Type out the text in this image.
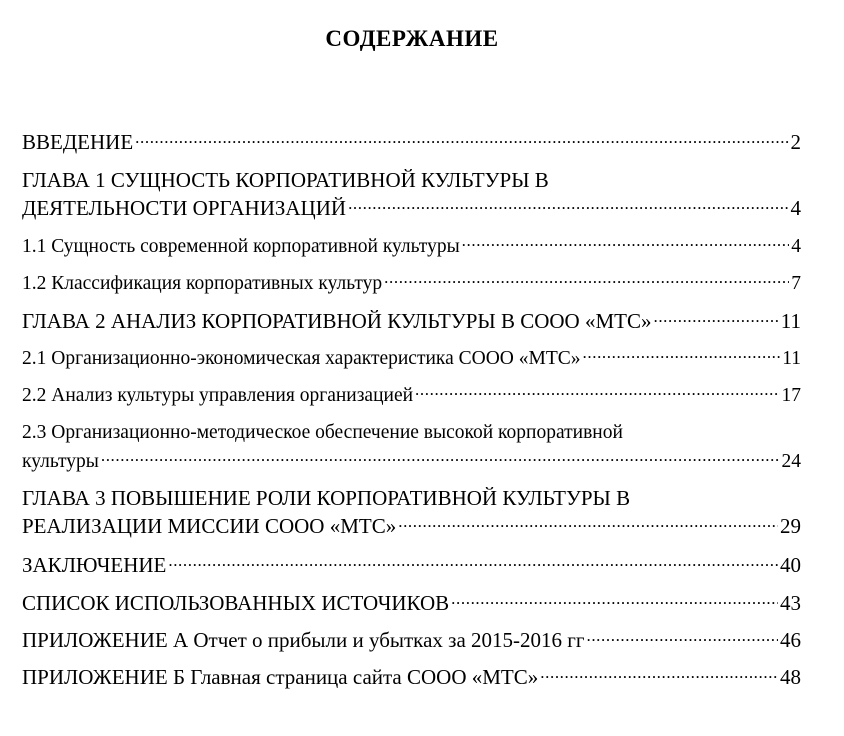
СОДЕРЖАНИЕ
ВВЕДЕНИЕ .....	2
ГЛАВА 1 СУЩНОСТЬ КОРПОРАТИВНОЙ КУЛЬТУРЫ В
ДЕЯТЕЛЬНОСТИ ОРГАНИЗАЦИЙ .....	4
1.1 Сущность современной корпоративной культуры .....	4
1.2 Классификация корпоративных культур .....	7
ГЛАВА 2 АНАЛИЗ КОРПОРАТИВНОЙ КУЛЬТУРЫ В СООО «МТС» .....	11
2.1 Организационно-экономическая характеристика СООО «МТС» .....	11
2.2 Анализ культуры управления организацией .....	17
2.3 Организационно-методическое обеспечение высокой корпоративной
культуры .....	24
ГЛАВА 3 ПОВЫШЕНИЕ РОЛИ КОРПОРАТИВНОЙ КУЛЬТУРЫ В
РЕАЛИЗАЦИИ МИССИИ СООО «МТС» .....	29
ЗАКЛЮЧЕНИЕ .....	40
СПИСОК ИСПОЛЬЗОВАННЫХ ИСТОЧИКОВ .....	43
ПРИЛОЖЕНИЕ А Отчет о прибыли и убытках за 2015-2016 гг .....	46
ПРИЛОЖЕНИЕ Б Главная страница сайта СООО «МТС» .....	48
